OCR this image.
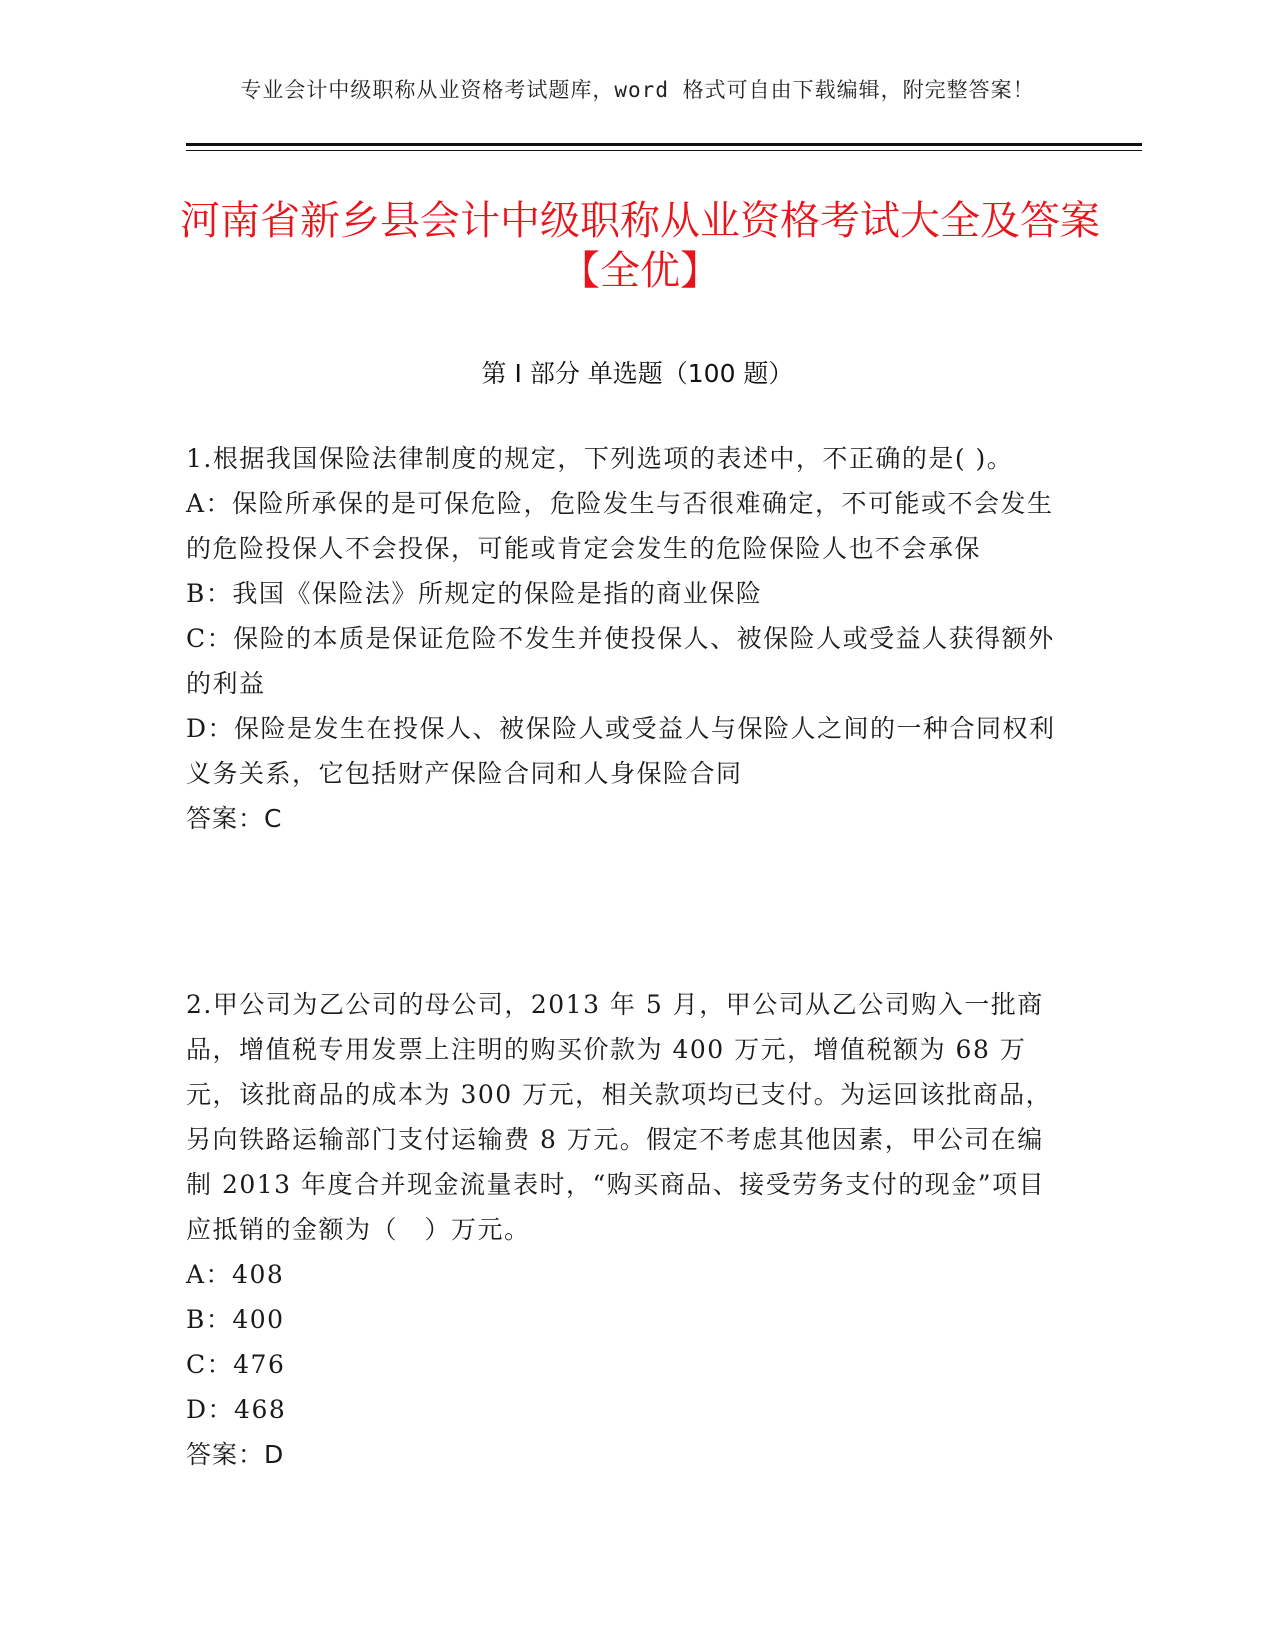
专业会计中级职称从业资格考试题库，word 格式可自由下载编辑，附完整答案！
河南省新乡县会计中级职称从业资格考试大全及答案【全优】
第 I 部分 单选题（100 题）

1.根据我国保险法律制度的规定，下列选项的表述中，不正确的是( )。

A：保险所承保的是可保危险，危险发生与否很难确定，不可能或不会发生的危险投保人不会投保，可能或肯定会发生的危险保险人也不会承保

B：我国《保险法》所规定的保险是指的商业保险

C：保险的本质是保证危险不发生并使投保人、被保险人或受益人获得额外的利益

D：保险是发生在投保人、被保险人或受益人与保险人之间的一种合同权利义务关系，它包括财产保险合同和人身保险合同

答案：C

2.甲公司为乙公司的母公司，2013 年 5 月，甲公司从乙公司购入一批商品，增值税专用发票上注明的购买价款为 400 万元，增值税额为 68 万元，该批商品的成本为 300 万元，相关款项均已支付。为运回该批商品，另向铁路运输部门支付运输费 8 万元。假定不考虑其他因素，甲公司在编制 2013 年度合并现金流量表时，“购买商品、接受劳务支付的现金”项目应抵销的金额为（　）万元。

A：408

B：400

C：476

D：468

答案：D
